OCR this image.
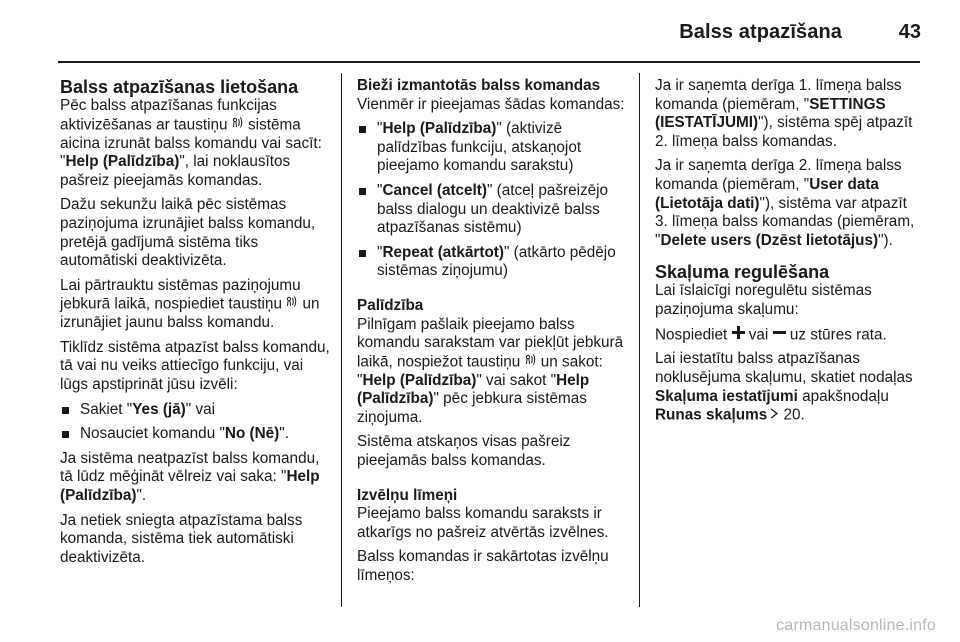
Balss atpazīšana	43
Balss atpazīšanas lietošana

Pēc balss atpazīšanas funkcijas aktivizēšanas ar taustiņu  sistēma aicina izrunāt balss komandu vai sacīt: "Help (Palīdzība)", lai noklausītos pašreiz pieejamās komandas.

Dažu sekunžu laikā pēc sistēmas paziņojuma izrunājiet balss komandu, pretējā gadījumā sistēma tiks automātiski deaktivizēta.

Lai pārtrauktu sistēmas paziņojumu jebkurā laikā, nospiediet taustiņu  un izrunājiet jaunu balss komandu.

Tiklīdz sistēma atpazīst balss komandu, tā vai nu veiks attiecīgo funkciju, vai lūgs apstiprināt jūsu izvēli:

Sakiet "Yes (jā)" vai

Nosauciet komandu "No (Nē)".

Ja sistēma neatpazīst balss komandu, tā lūdz mēģināt vēlreiz vai saka: "Help (Palīdzība)".

Ja netiek sniegta atpazīstama balss komanda, sistēma tiek automātiski deaktivizēta.

Bieži izmantotās balss komandas

Vienmēr ir pieejamas šādas komandas:

"Help (Palīdzība)" (aktivizē palīdzības funkciju, atskaņojot pieejamo komandu sarakstu)

"Cancel (atcelt)" (atceļ pašreizējo balss dialogu un deaktivizē balss atpazīšanas sistēmu)

"Repeat (atkārtot)" (atkārto pēdējo sistēmas ziņojumu)

Palīdzība

Pilnīgam pašlaik pieejamo balss komandu sarakstam var piekļūt jebkurā laikā, nospiežot taustiņu  un sakot: "Help (Palīdzība)" vai sakot "Help (Palīdzība)" pēc jebkura sistēmas ziņojuma.

Sistēma atskaņos visas pašreiz pieejamās balss komandas.

Izvēlņu līmeņi

Pieejamo balss komandu saraksts ir atkarīgs no pašreiz atvērtās izvēlnes.

Balss komandas ir sakārtotas izvēlņu līmeņos:

Ja ir saņemta derīga 1. līmeņa balss komanda (piemēram, "SETTINGS (IESTATĪJUMI)"), sistēma spēj atpazīt 2. līmeņa balss komandas.

Ja ir saņemta derīga 2. līmeņa balss komanda (piemēram, "User data (Lietotāja dati)"), sistēma var atpazīt 3. līmeņa balss komandas (piemēram, "Delete users (Dzēst lietotājus)").

Skaļuma regulēšana

Lai īslaicīgi noregulētu sistēmas paziņojuma skaļumu:

Nospiediet  vai  uz stūres rata.

Lai iestatītu balss atpazīšanas noklusējuma skaļumu, skatiet nodaļas Skaļuma iestatījumi apakšnodaļu Runas skaļums 20.

carmanualsonline.info
